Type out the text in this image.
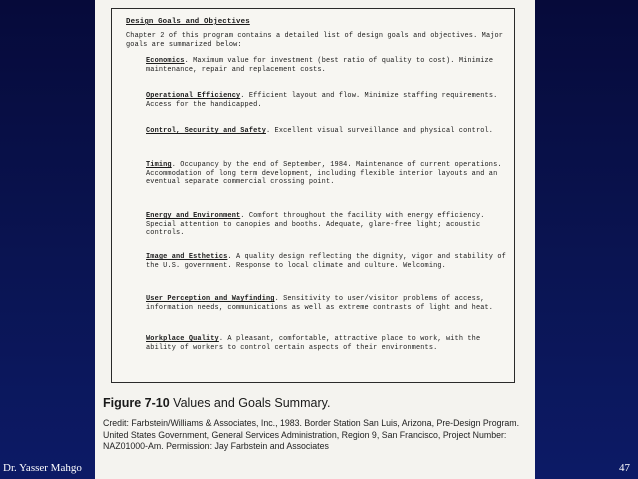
Design Goals and Objectives
Chapter 2 of this program contains a detailed list of design goals and objectives. Major goals are summarized below:
Economics. Maximum value for investment (best ratio of quality to cost). Minimize maintenance, repair and replacement costs.
Operational Efficiency. Efficient layout and flow. Minimize staffing requirements. Access for the handicapped.
Control, Security and Safety. Excellent visual surveillance and physical control.
Timing. Occupancy by the end of September, 1984. Maintenance of current operations. Accommodation of long term development, including flexible interior layouts and an eventual separate commercial crossing point.
Energy and Environment. Comfort throughout the facility with energy efficiency. Special attention to canopies and booths. Adequate, glare-free light; acoustic controls.
Image and Esthetics. A quality design reflecting the dignity, vigor and stability of the U.S. government. Response to local climate and culture. Welcoming.
User Perception and Wayfinding. Sensitivity to user/visitor problems of access, information needs, communications as well as extreme contrasts of light and heat.
Workplace Quality. A pleasant, comfortable, attractive place to work, with the ability of workers to control certain aspects of their environments.
Figure 7-10 Values and Goals Summary.
Credit: Farbstein/Williams & Associates, Inc., 1983. Border Station San Luis, Arizona, Pre-Design Program. United States Government, General Services Administration, Region 9, San Francisco, Project Number: NAZ01000-Am. Permission: Jay Farbstein and Associates
Dr. Yasser Mahgo	47
